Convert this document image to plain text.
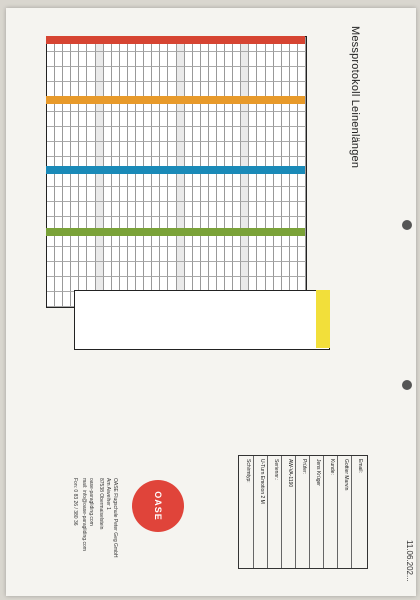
Messprotokoll Leinenlängen
11.06.202...
Schirmtyp: U-Turn Emotion 2 M Seriennr.: AW-VA-1190 Prüfer: Jens Krüger Kunde: Gottier Marvin Email:
OASE
OASE Flugschule Peter Geg GmbH
Am Aiweiher 1
87538 Obermaiselstein
oase-paragliding.com
mail: info@oase-paragliding.com
Fon: 0 83 26 / 380 36
